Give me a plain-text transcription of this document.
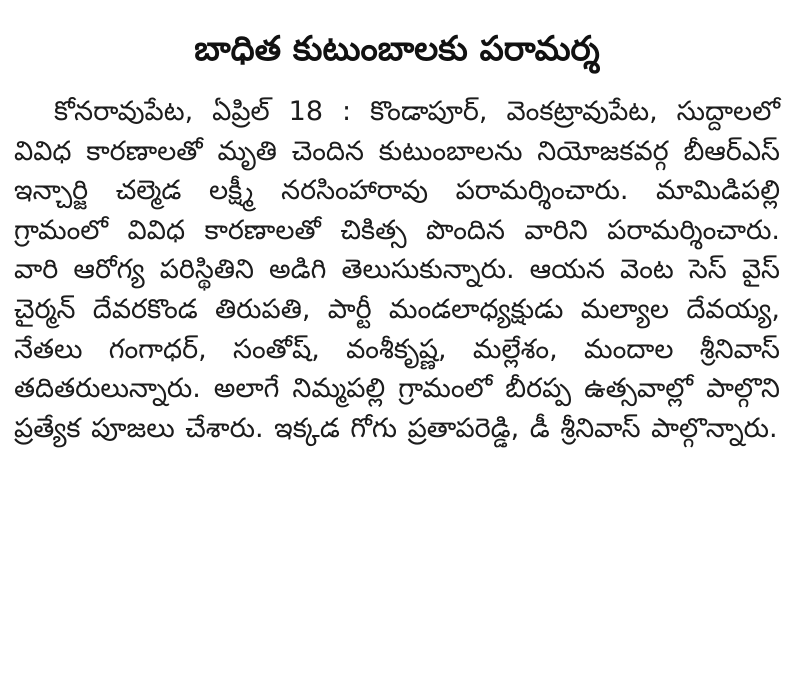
బాధిత కుటుంబాలకు పరామర్శ

కోనరావుపేట, ఏప్రిల్ 18 : కొండాపూర్, వెంకట్రావుపేట, సుద్దాలలో వివిధ కారణాలతో మృతి చెందిన కుటుంబాలను నియోజకవర్గ బీఆర్ఎస్ ఇన్చార్జి చల్మెడ లక్ష్మీ నరసింహారావు పరామర్శించారు. మామిడిపల్లి గ్రామంలో వివిధ కారణాలతో చికిత్స పొందిన వారిని పరామర్శించారు. వారి ఆరోగ్య పరిస్థితిని అడిగి తెలుసుకున్నారు. ఆయన వెంట సెస్ వైస్ చైర్మన్ దేవరకొండ తిరుపతి, పార్టీ మండలాధ్యక్షుడు మల్యాల దేవయ్య, నేతలు గంగాధర్, సంతోష్, వంశీకృష్ణ, మల్లేశం, మందాల శ్రీనివాస్ తదితరులున్నారు. అలాగే నిమ్మపల్లి గ్రామంలో బీరప్ప ఉత్సవాల్లో పాల్గొని ప్రత్యేక పూజలు చేశారు. ఇక్కడ గోగు ప్రతాపరెడ్డి, డీ శ్రీనివాస్ పాల్గొన్నారు.
